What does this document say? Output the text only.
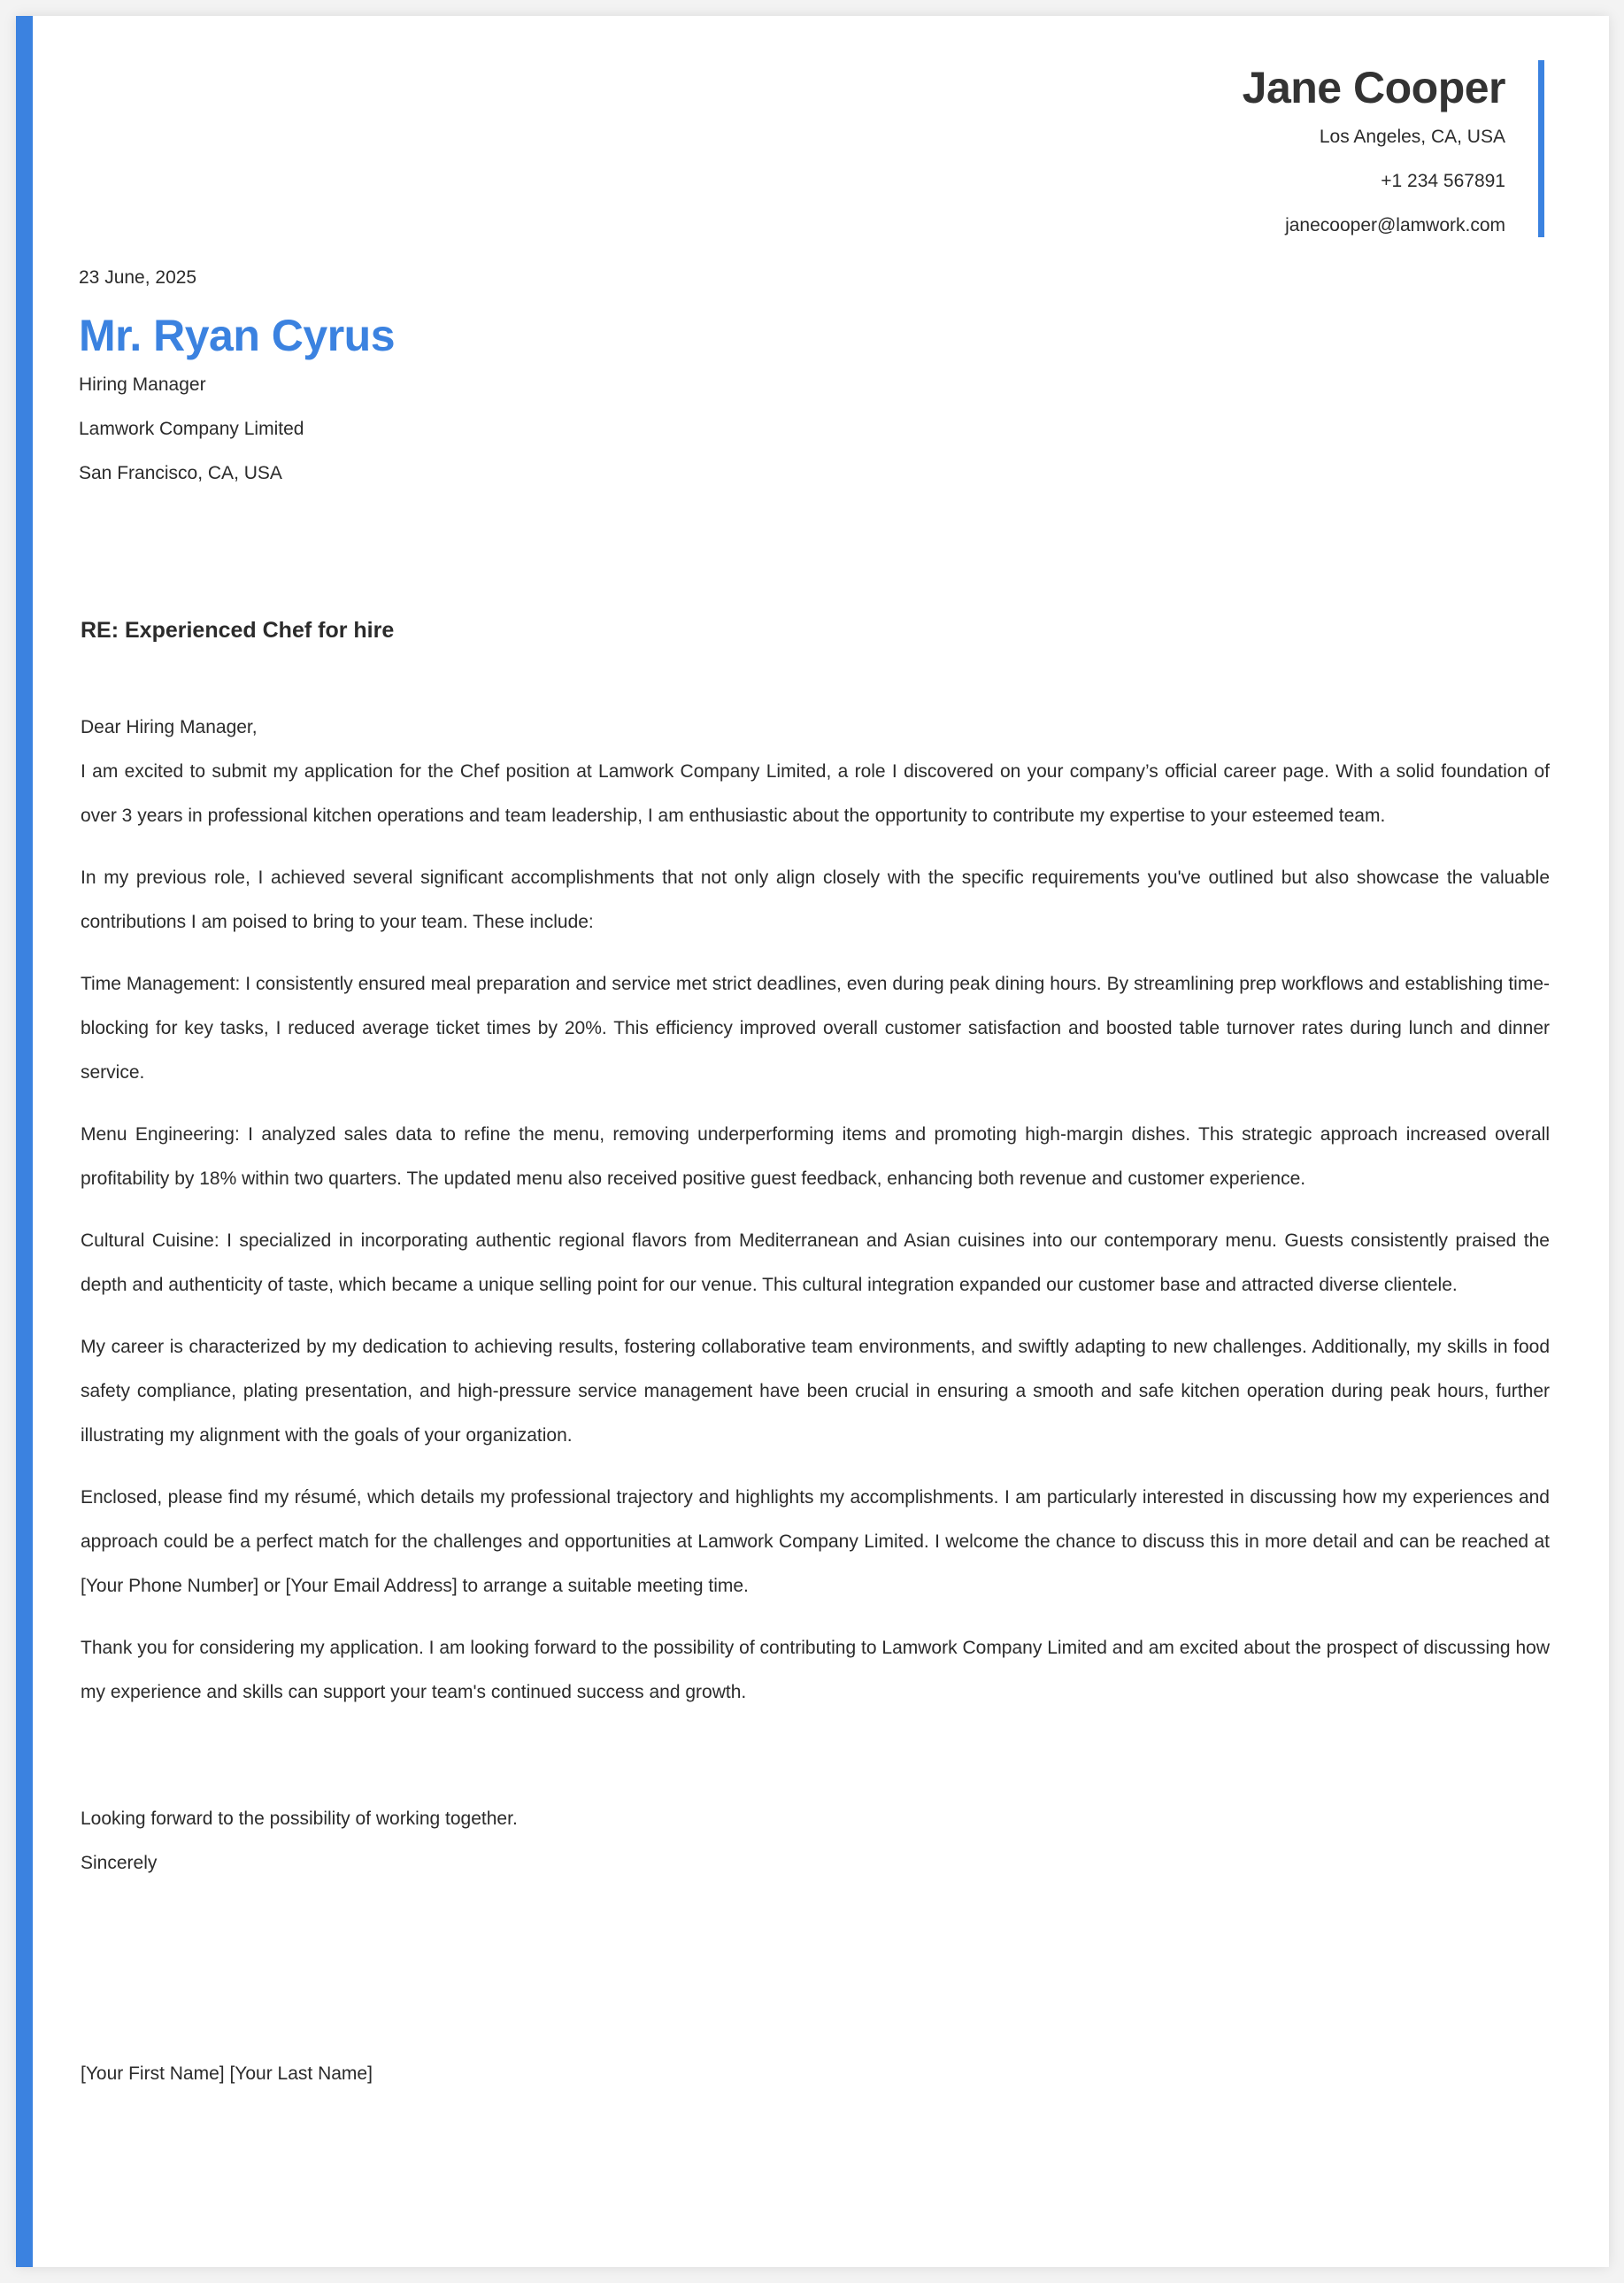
Jane Cooper
Los Angeles, CA, USA
+1 234 567891
janecooper@lamwork.com
23 June, 2025
Mr. Ryan Cyrus
Hiring Manager
Lamwork Company Limited
San Francisco, CA, USA
RE: Experienced Chef for hire

Dear Hiring Manager,

I am excited to submit my application for the Chef position at Lamwork Company Limited, a role I discovered on your company’s official career page. With a solid foundation of over 3 years in professional kitchen operations and team leadership, I am enthusiastic about the opportunity to contribute my expertise to your esteemed team.

In my previous role, I achieved several significant accomplishments that not only align closely with the specific requirements you've outlined but also showcase the valuable contributions I am poised to bring to your team. These include:

Time Management: I consistently ensured meal preparation and service met strict deadlines, even during peak dining hours. By streamlining prep workflows and establishing time-blocking for key tasks, I reduced average ticket times by 20%. This efficiency improved overall customer satisfaction and boosted table turnover rates during lunch and dinner service.

Menu Engineering: I analyzed sales data to refine the menu, removing underperforming items and promoting high-margin dishes. This strategic approach increased overall profitability by 18% within two quarters. The updated menu also received positive guest feedback, enhancing both revenue and customer experience.

Cultural Cuisine: I specialized in incorporating authentic regional flavors from Mediterranean and Asian cuisines into our contemporary menu. Guests consistently praised the depth and authenticity of taste, which became a unique selling point for our venue. This cultural integration expanded our customer base and attracted diverse clientele.

My career is characterized by my dedication to achieving results, fostering collaborative team environments, and swiftly adapting to new challenges. Additionally, my skills in food safety compliance, plating presentation, and high-pressure service management have been crucial in ensuring a smooth and safe kitchen operation during peak hours, further illustrating my alignment with the goals of your organization.

Enclosed, please find my résumé, which details my professional trajectory and highlights my accomplishments. I am particularly interested in discussing how my experiences and approach could be a perfect match for the challenges and opportunities at Lamwork Company Limited. I welcome the chance to discuss this in more detail and can be reached at [Your Phone Number] or [Your Email Address] to arrange a suitable meeting time.

Thank you for considering my application. I am looking forward to the possibility of contributing to Lamwork Company Limited and am excited about the prospect of discussing how my experience and skills can support your team's continued success and growth.

Looking forward to the possibility of working together.
Sincerely
[Your First Name] [Your Last Name]
